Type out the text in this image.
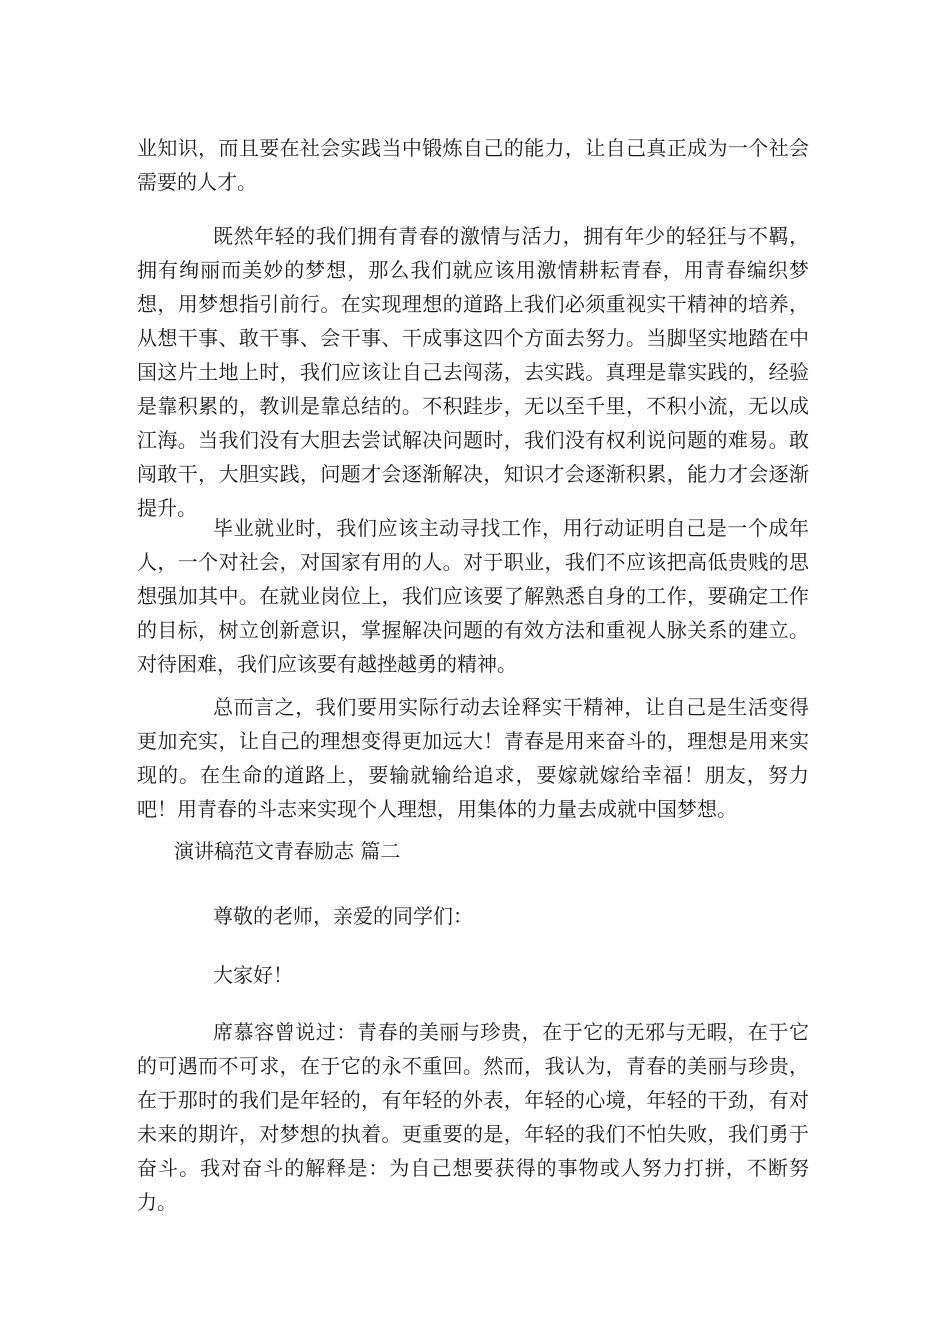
业知识，而且要在社会实践当中锻炼自己的能力，让自己真正成为一个社会需要的人才。

既然年轻的我们拥有青春的激情与活力，拥有年少的轻狂与不羁，拥有绚丽而美妙的梦想，那么我们就应该用激情耕耘青春，用青春编织梦想，用梦想指引前行。在实现理想的道路上我们必须重视实干精神的培养，从想干事、敢干事、会干事、干成事这四个方面去努力。当脚坚实地踏在中国这片土地上时，我们应该让自己去闯荡，去实践。真理是靠实践的，经验是靠积累的，教训是靠总结的。不积跬步，无以至千里，不积小流，无以成江海。当我们没有大胆去尝试解决问题时，我们没有权利说问题的难易。敢闯敢干，大胆实践，问题才会逐渐解决，知识才会逐渐积累，能力才会逐渐提升。

毕业就业时，我们应该主动寻找工作，用行动证明自己是一个成年人，一个对社会，对国家有用的人。对于职业，我们不应该把高低贵贱的思想强加其中。在就业岗位上，我们应该要了解熟悉自身的工作，要确定工作的目标，树立创新意识，掌握解决问题的有效方法和重视人脉关系的建立。对待困难，我们应该要有越挫越勇的精神。

总而言之，我们要用实际行动去诠释实干精神，让自己是生活变得更加充实，让自己的理想变得更加远大！青春是用来奋斗的，理想是用来实现的。在生命的道路上，要输就输给追求，要嫁就嫁给幸福！朋友，努力吧！用青春的斗志来实现个人理想，用集体的力量去成就中国梦想。

演讲稿范文青春励志 篇二

尊敬的老师，亲爱的同学们：

大家好！

席慕容曾说过：青春的美丽与珍贵，在于它的无邪与无暇，在于它的可遇而不可求，在于它的永不重回。然而，我认为，青春的美丽与珍贵，在于那时的我们是年轻的，有年轻的外表，年轻的心境，年轻的干劲，有对未来的期许，对梦想的执着。更重要的是，年轻的我们不怕失败，我们勇于奋斗。我对奋斗的解释是：为自己想要获得的事物或人努力打拼，不断努力。
